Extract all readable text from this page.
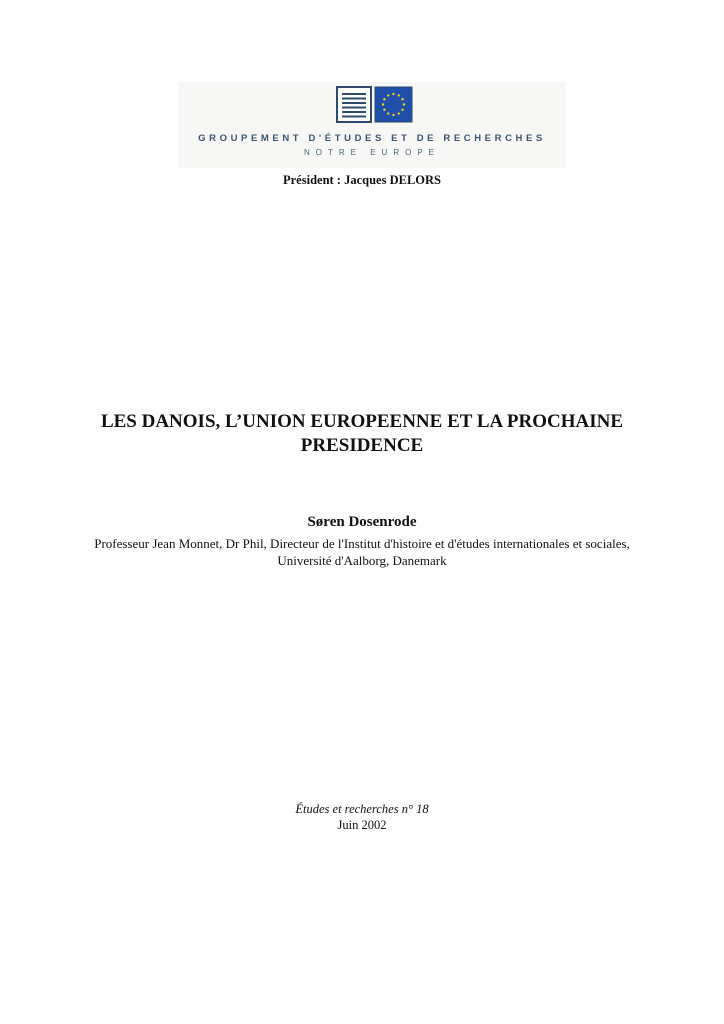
GROUPEMENT D'ÉTUDES ET DE RECHERCHES
NOTRE EUROPE
Président : Jacques DELORS
LES DANOIS, L’UNION EUROPEENNE ET LA PROCHAINE PRESIDENCE
Søren Dosenrode
Professeur Jean Monnet, Dr Phil, Directeur de l'Institut d'histoire et d'études internationales et sociales, Université d'Aalborg, Danemark
Études et recherches n° 18
Juin 2002
